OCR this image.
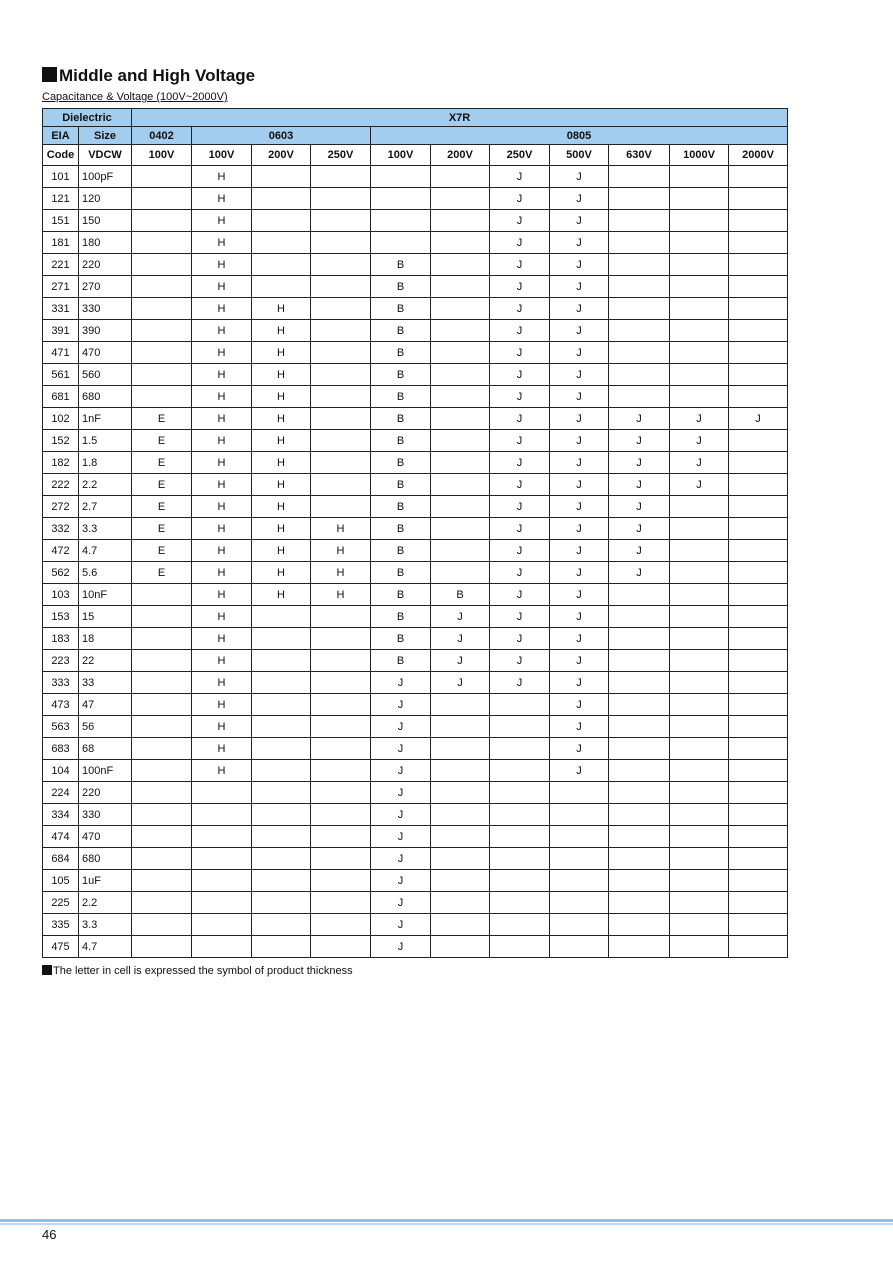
Middle and High Voltage
Capacitance & Voltage (100V~2000V)
Dielectric		X7R										
EIA	Size	0402	0603			0805						
Code	VDCW	100V	100V	200V	250V	100V	200V	250V	500V	630V	1000V	2000V
101	100pF		H					J	J			
121	120		H					J	J			
151	150		H					J	J			
181	180		H					J	J			
221	220		H			B		J	J			
271	270		H			B		J	J			
331	330		H	H		B		J	J			
391	390		H	H		B		J	J			
471	470		H	H		B		J	J			
561	560		H	H		B		J	J			
681	680		H	H		B		J	J			
102	1nF	E	H	H		B		J	J	J	J	J
152	1.5	E	H	H		B		J	J	J	J	
182	1.8	E	H	H		B		J	J	J	J	
222	2.2	E	H	H		B		J	J	J	J	
272	2.7	E	H	H		B		J	J	J		
332	3.3	E	H	H	H	B		J	J	J		
472	4.7	E	H	H	H	B		J	J	J		
562	5.6	E	H	H	H	B		J	J	J		
103	10nF		H	H	H	B	B	J	J			
153	15		H			B	J	J	J			
183	18		H			B	J	J	J			
223	22		H			B	J	J	J			
333	33		H			J	J	J	J			
473	47		H			J			J			
563	56		H			J			J			
683	68		H			J			J			
104	100nF		H			J			J			
224	220					J						
334	330					J						
474	470					J						
684	680					J						
105	1uF					J						
225	2.2					J						
335	3.3					J						
475	4.7					J						
The letter in cell is expressed the symbol of product thickness
46
